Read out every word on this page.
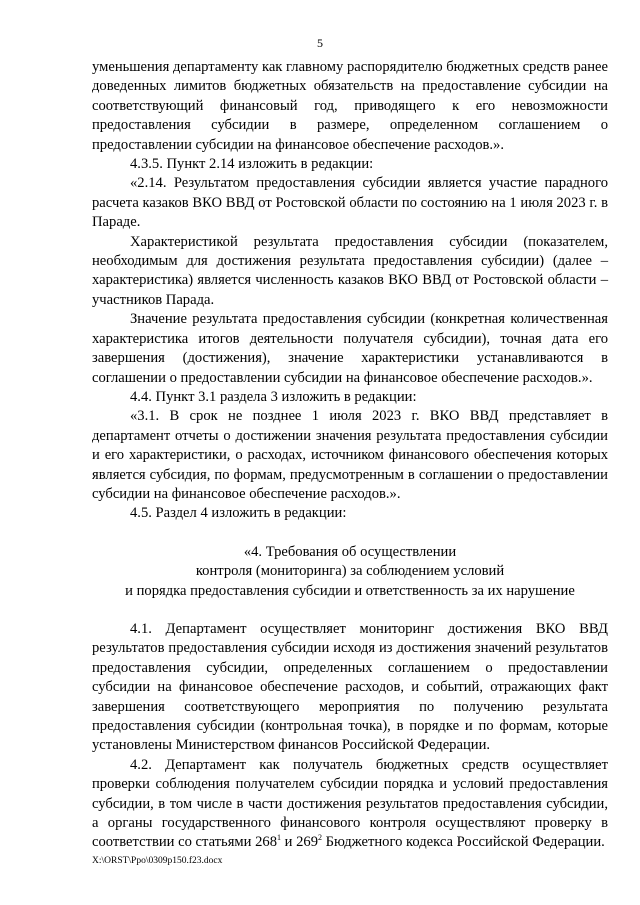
5

уменьшения департаменту как главному распорядителю бюджетных средств ранее доведенных лимитов бюджетных обязательств на предоставление субсидии на соответствующий финансовый год, приводящего к его невозможности предоставления субсидии в размере, определенном соглашением о предоставлении субсидии на финансовое обеспечение расходов.».

4.3.5. Пункт 2.14 изложить в редакции:

«2.14. Результатом предоставления субсидии является участие парадного расчета казаков ВКО ВВД от Ростовской области по состоянию на 1 июля 2023 г. в Параде.

Характеристикой результата предоставления субсидии (показателем, необходимым для достижения результата предоставления субсидии) (далее – характеристика) является численность казаков ВКО ВВД от Ростовской области – участников Парада.

Значение результата предоставления субсидии (конкретная количественная характеристика итогов деятельности получателя субсидии), точная дата его завершения (достижения), значение характеристики устанавливаются в соглашении о предоставлении субсидии на финансовое обеспечение расходов.».

4.4. Пункт 3.1 раздела 3 изложить в редакции:

«3.1. В срок не позднее 1 июля 2023 г. ВКО ВВД представляет в департамент отчеты о достижении значения результата предоставления субсидии и его характеристики, о расходах, источником финансового обеспечения которых является субсидия, по формам, предусмотренным в соглашении о предоставлении субсидии на финансовое обеспечение расходов.».

4.5. Раздел 4 изложить в редакции:

«4. Требования об осуществлении
контроля (мониторинга) за соблюдением условий
и порядка предоставления субсидии и ответственность за их нарушение

4.1. Департамент осуществляет мониторинг достижения ВКО ВВД результатов предоставления субсидии исходя из достижения значений результатов предоставления субсидии, определенных соглашением о предоставлении субсидии на финансовое обеспечение расходов, и событий, отражающих факт завершения соответствующего мероприятия по получению результата предоставления субсидии (контрольная точка), в порядке и по формам, которые установлены Министерством финансов Российской Федерации.

4.2. Департамент как получатель бюджетных средств осуществляет проверки соблюдения получателем субсидии порядка и условий предоставления субсидии, в том числе в части достижения результатов предоставления субсидии, а органы государственного финансового контроля осуществляют проверку в соответствии со статьями $268^1$ и $269^2$ Бюджетного кодекса Российской Федерации.

X:\ORST\Ppo\0309p150.f23.docx
